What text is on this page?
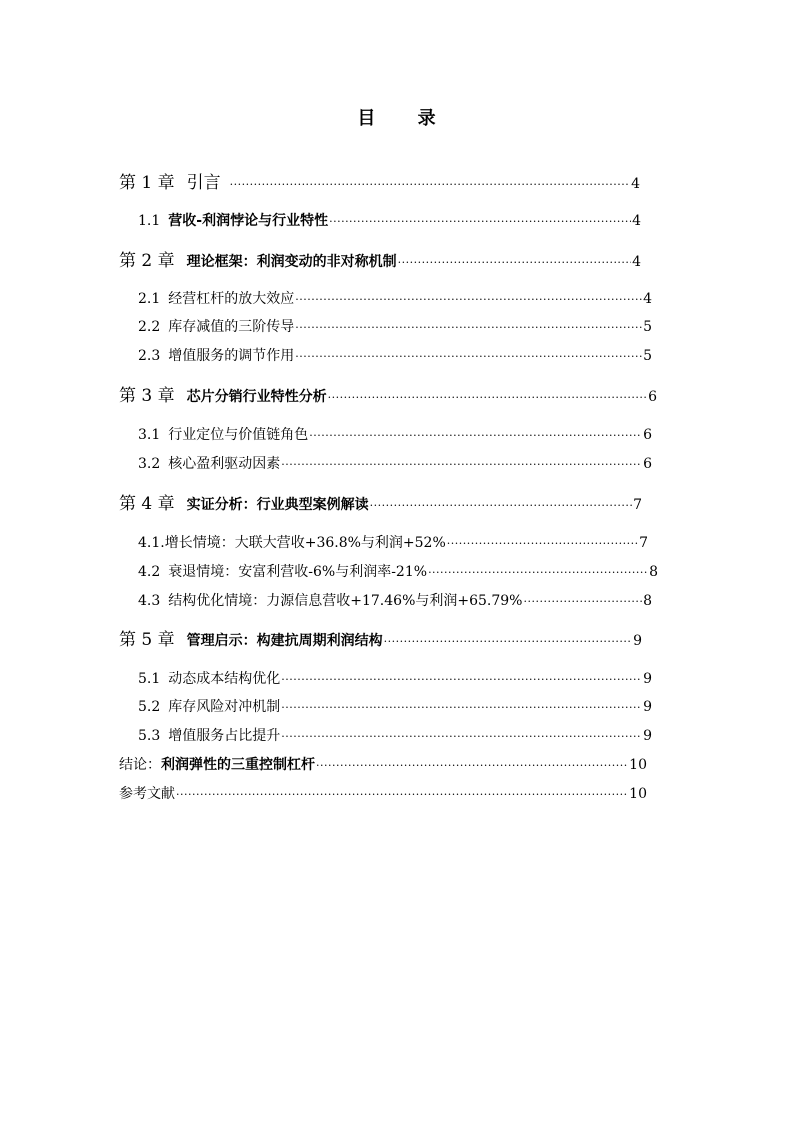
目 录
第 1 章 引言 ·····	4
1.1 营收-利润悖论与行业特性 ·····	4
第 2 章 理论框架：利润变动的非对称机制 ·····	4
2.1 经营杠杆的放大效应 ·····	4
2.2 库存减值的三阶传导 ·····	5
2.3 增值服务的调节作用 ·····	5
第 3 章 芯片分销行业特性分析 ·····	6
3.1 行业定位与价值链角色 ·····	6
3.2 核心盈利驱动因素 ·····	6
第 4 章 实证分析：行业典型案例解读 ·····	7
4.1. 增长情境：大联大营收+36.8%与利润+52% ·····	7
4.2 衰退情境：安富利营收-6%与利润率-21% ·····	8
4.3 结构优化情境：力源信息营收+17.46%与利润+65.79% ·····	8
第 5 章 管理启示：构建抗周期利润结构 ·····	9
5.1 动态成本结构优化 ·····	9
5.2 库存风险对冲机制 ·····	9
5.3 增值服务占比提升 ·····	9
结论： 利润弹性的三重控制杠杆 ·····	10
参考文献 ·····	10
